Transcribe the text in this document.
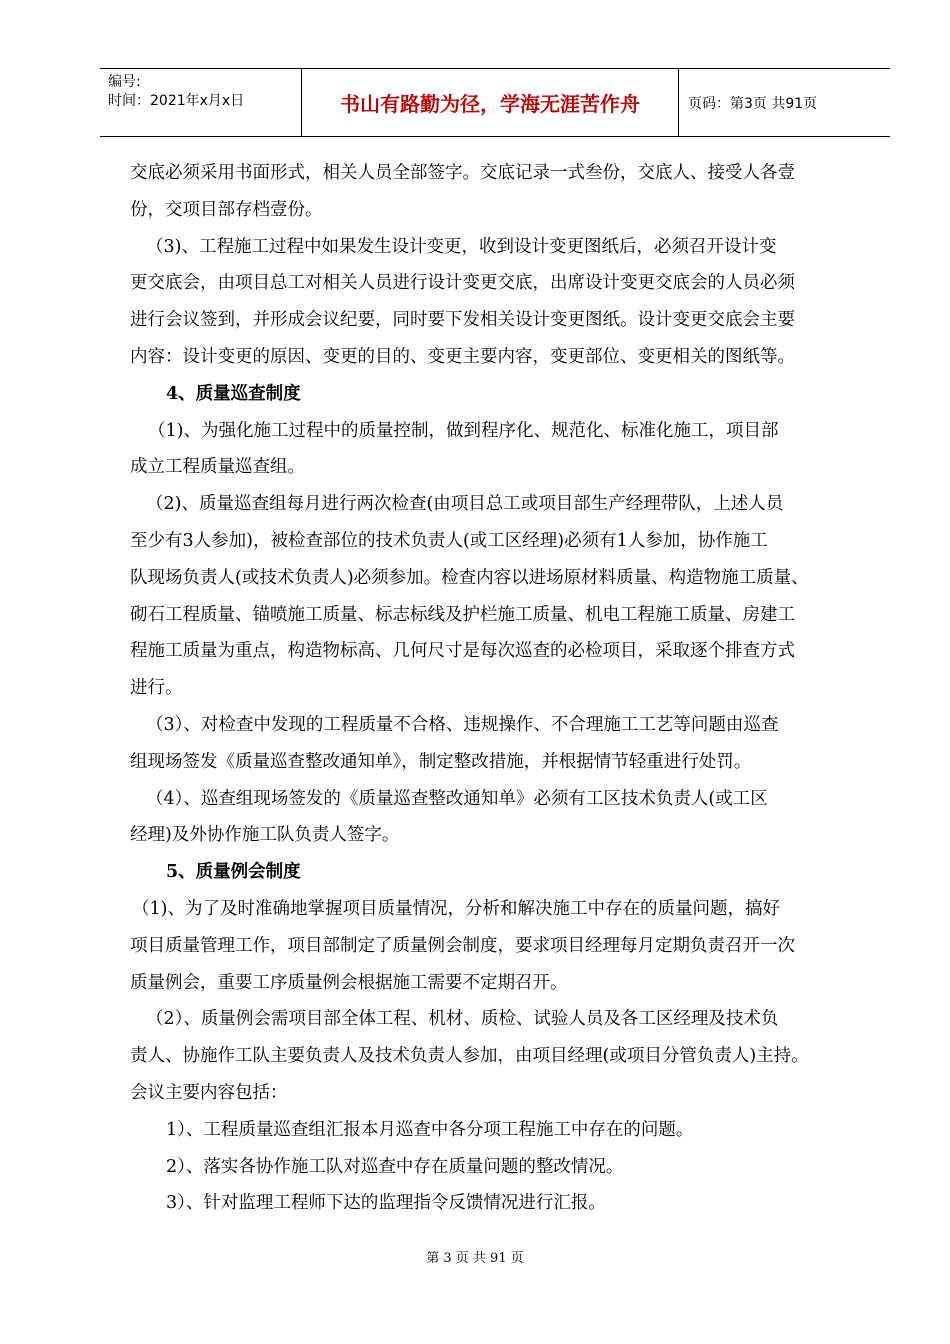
编号:
时间：2021年x月x日	书山有路勤为径，学海无涯苦作舟	页码：第3页 共91页

交底必须采用书面形式，相关人员全部签字。交底记录一式叁份，交底人、接受人各壹

份，交项目部存档壹份。

（3)、工程施工过程中如果发生设计变更，收到设计变更图纸后，必须召开设计变

更交底会，由项目总工对相关人员进行设计变更交底，出席设计变更交底会的人员必须

进行会议签到，并形成会议纪要，同时要下发相关设计变更图纸。设计变更交底会主要

内容：设计变更的原因、变更的目的、变更主要内容，变更部位、变更相关的图纸等。

4、质量巡查制度

（1)、为强化施工过程中的质量控制，做到程序化、规范化、标准化施工，项目部

成立工程质量巡查组。

（2)、质量巡查组每月进行两次检查(由项目总工或项目部生产经理带队，上述人员

至少有3人参加)，被检查部位的技术负责人(或工区经理)必须有1人参加，协作施工

队现场负责人(或技术负责人)必须参加。检查内容以进场原材料质量、构造物施工质量、

砌石工程质量、锚喷施工质量、标志标线及护栏施工质量、机电工程施工质量、房建工

程施工质量为重点，构造物标高、几何尺寸是每次巡查的必检项目，采取逐个排查方式

进行。

（3）、对检查中发现的工程质量不合格、违规操作、不合理施工工艺等问题由巡查

组现场签发《质量巡查整改通知单》，制定整改措施，并根据情节轻重进行处罚。

（4）、巡查组现场签发的《质量巡查整改通知单》必须有工区技术负责人(或工区

经理)及外协作施工队负责人签字。

5、质量例会制度

（1)、为了及时准确地掌握项目质量情况，分析和解决施工中存在的质量问题，搞好

项目质量管理工作，项目部制定了质量例会制度，要求项目经理每月定期负责召开一次

质量例会，重要工序质量例会根据施工需要不定期召开。

（2）、质量例会需项目部全体工程、机材、质检、试验人员及各工区经理及技术负

责人、协施作工队主要负责人及技术负责人参加，由项目经理(或项目分管负责人)主持。

会议主要内容包括：

1）、工程质量巡查组汇报本月巡查中各分项工程施工中存在的问题。

2）、落实各协作施工队对巡查中存在质量问题的整改情况。

3）、针对监理工程师下达的监理指令反馈情况进行汇报。

第 3 页 共 91 页
